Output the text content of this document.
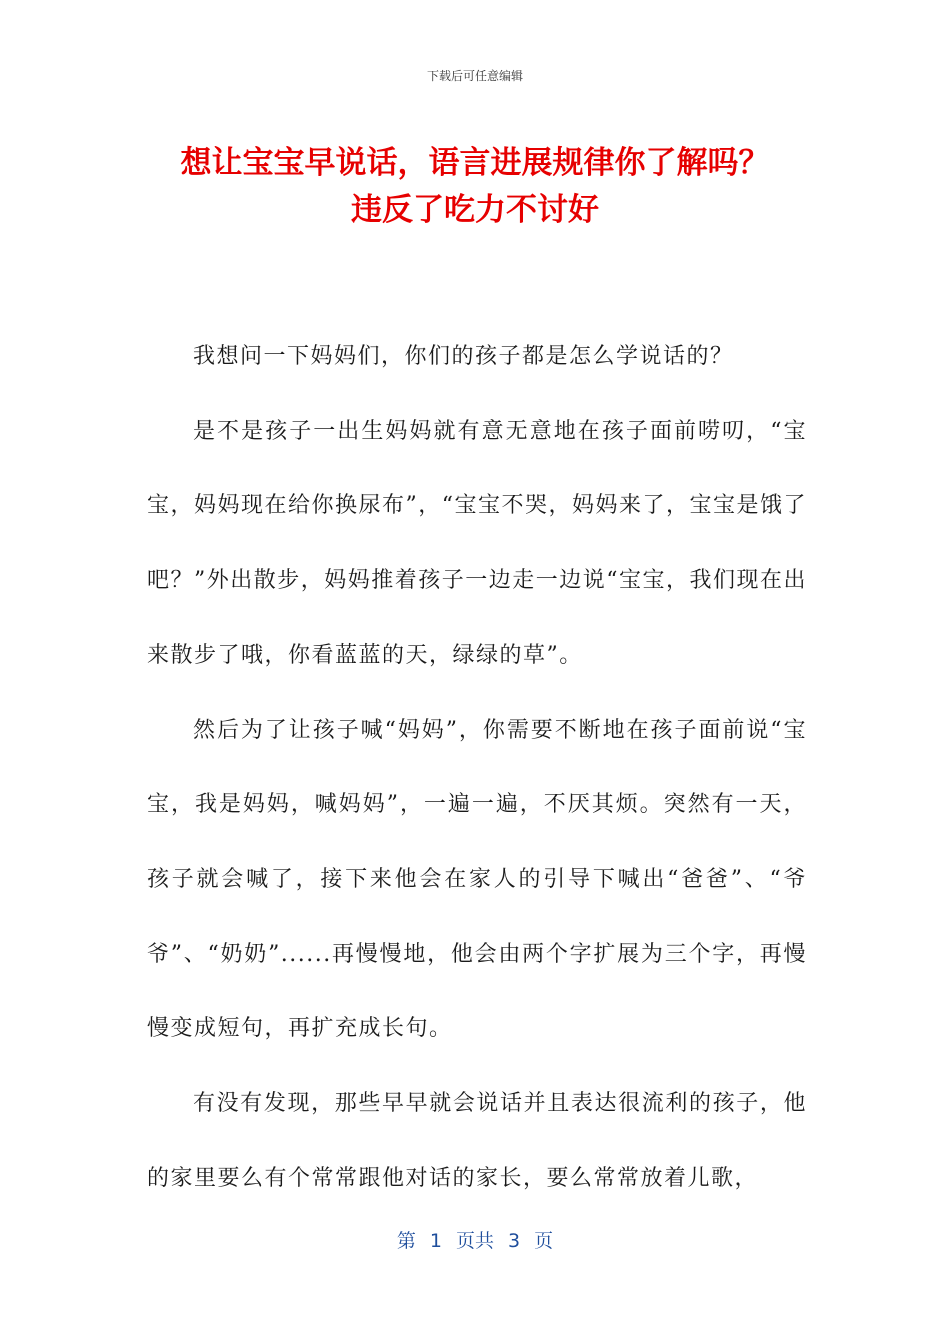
下载后可任意编辑
想让宝宝早说话，语言进展规律你了解吗？
违反了吃力不讨好

我想问一下妈妈们，你们的孩子都是怎么学说话的？

是不是孩子一出生妈妈就有意无意地在孩子面前唠叨，“宝宝，妈妈现在给你换尿布”，“宝宝不哭，妈妈来了，宝宝是饿了吧？”外出散步，妈妈推着孩子一边走一边说“宝宝，我们现在出来散步了哦，你看蓝蓝的天，绿绿的草”。

然后为了让孩子喊“妈妈”，你需要不断地在孩子面前说“宝宝，我是妈妈，喊妈妈”，一遍一遍，不厌其烦。突然有一天，孩子就会喊了，接下来他会在家人的引导下喊出“爸爸”、“爷爷”、“奶奶”......再慢慢地，他会由两个字扩展为三个字，再慢慢变成短句，再扩充成长句。

有没有发现，那些早早就会说话并且表达很流利的孩子，他的家里要么有个常常跟他对话的家长，要么常常放着儿歌，

第 1 页共 3 页
